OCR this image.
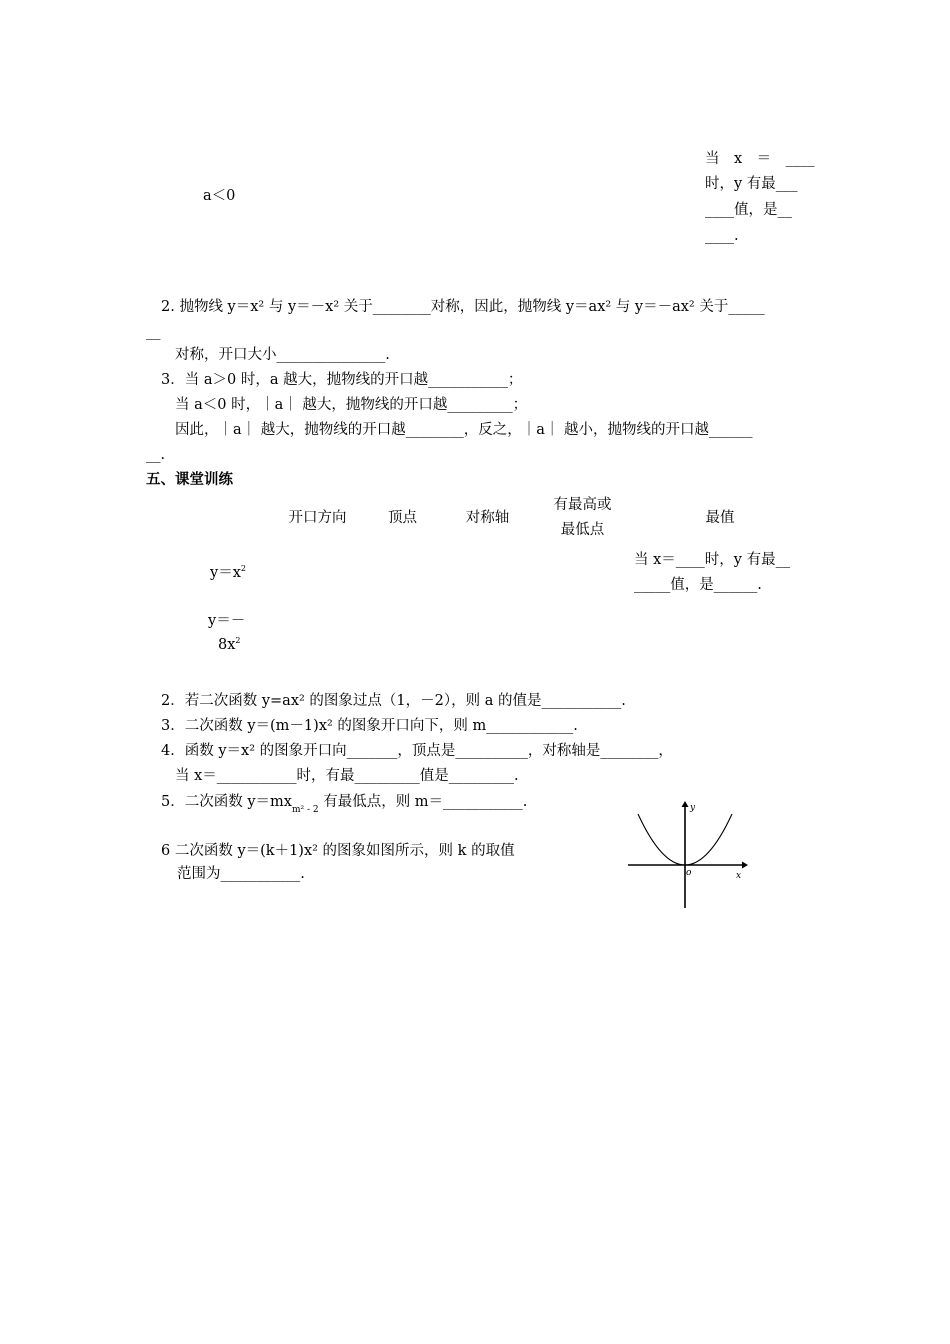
a＜0
当　x　＝　____
时，y 有最___
____值，是__
____.
2. 抛物线 y＝x² 与 y＝－x² 关于________对称，因此，抛物线 y＝ax² 与 y＝－ax² 关于_____
__
对称，开口大小_______________.
3．当 a＞0 时，a 越大，抛物线的开口越___________；
当 a＜0 时，｜a｜ 越大，抛物线的开口越_________；
因此，｜a｜ 越大，抛物线的开口越________，反之，｜a｜ 越小，抛物线的开口越______
__.
五、课堂训练
开口方向	顶点	对称轴
有最高或
最低点
最值
$y=x^2$
当 x＝____时，y 有最__
_____值，是______.
y＝－
$8x^2$
2．若二次函数 y=ax² 的图象过点（1，－2），则 a 的值是___________.
3．二次函数 y＝(m－1)x² 的图象开口向下，则 m____________.
4．函数 y＝x² 的图象开口向_______，顶点是__________，对称轴是________，
当 x＝___________时，有最_________值是_________.
5．二次函数 $y=mx_{m^2 - 2}$ 有最低点，则 m＝___________.
6 二次函数 y＝(k＋1)x² 的图象如图所示，则 k 的取值
范围为___________.
y
x
o
